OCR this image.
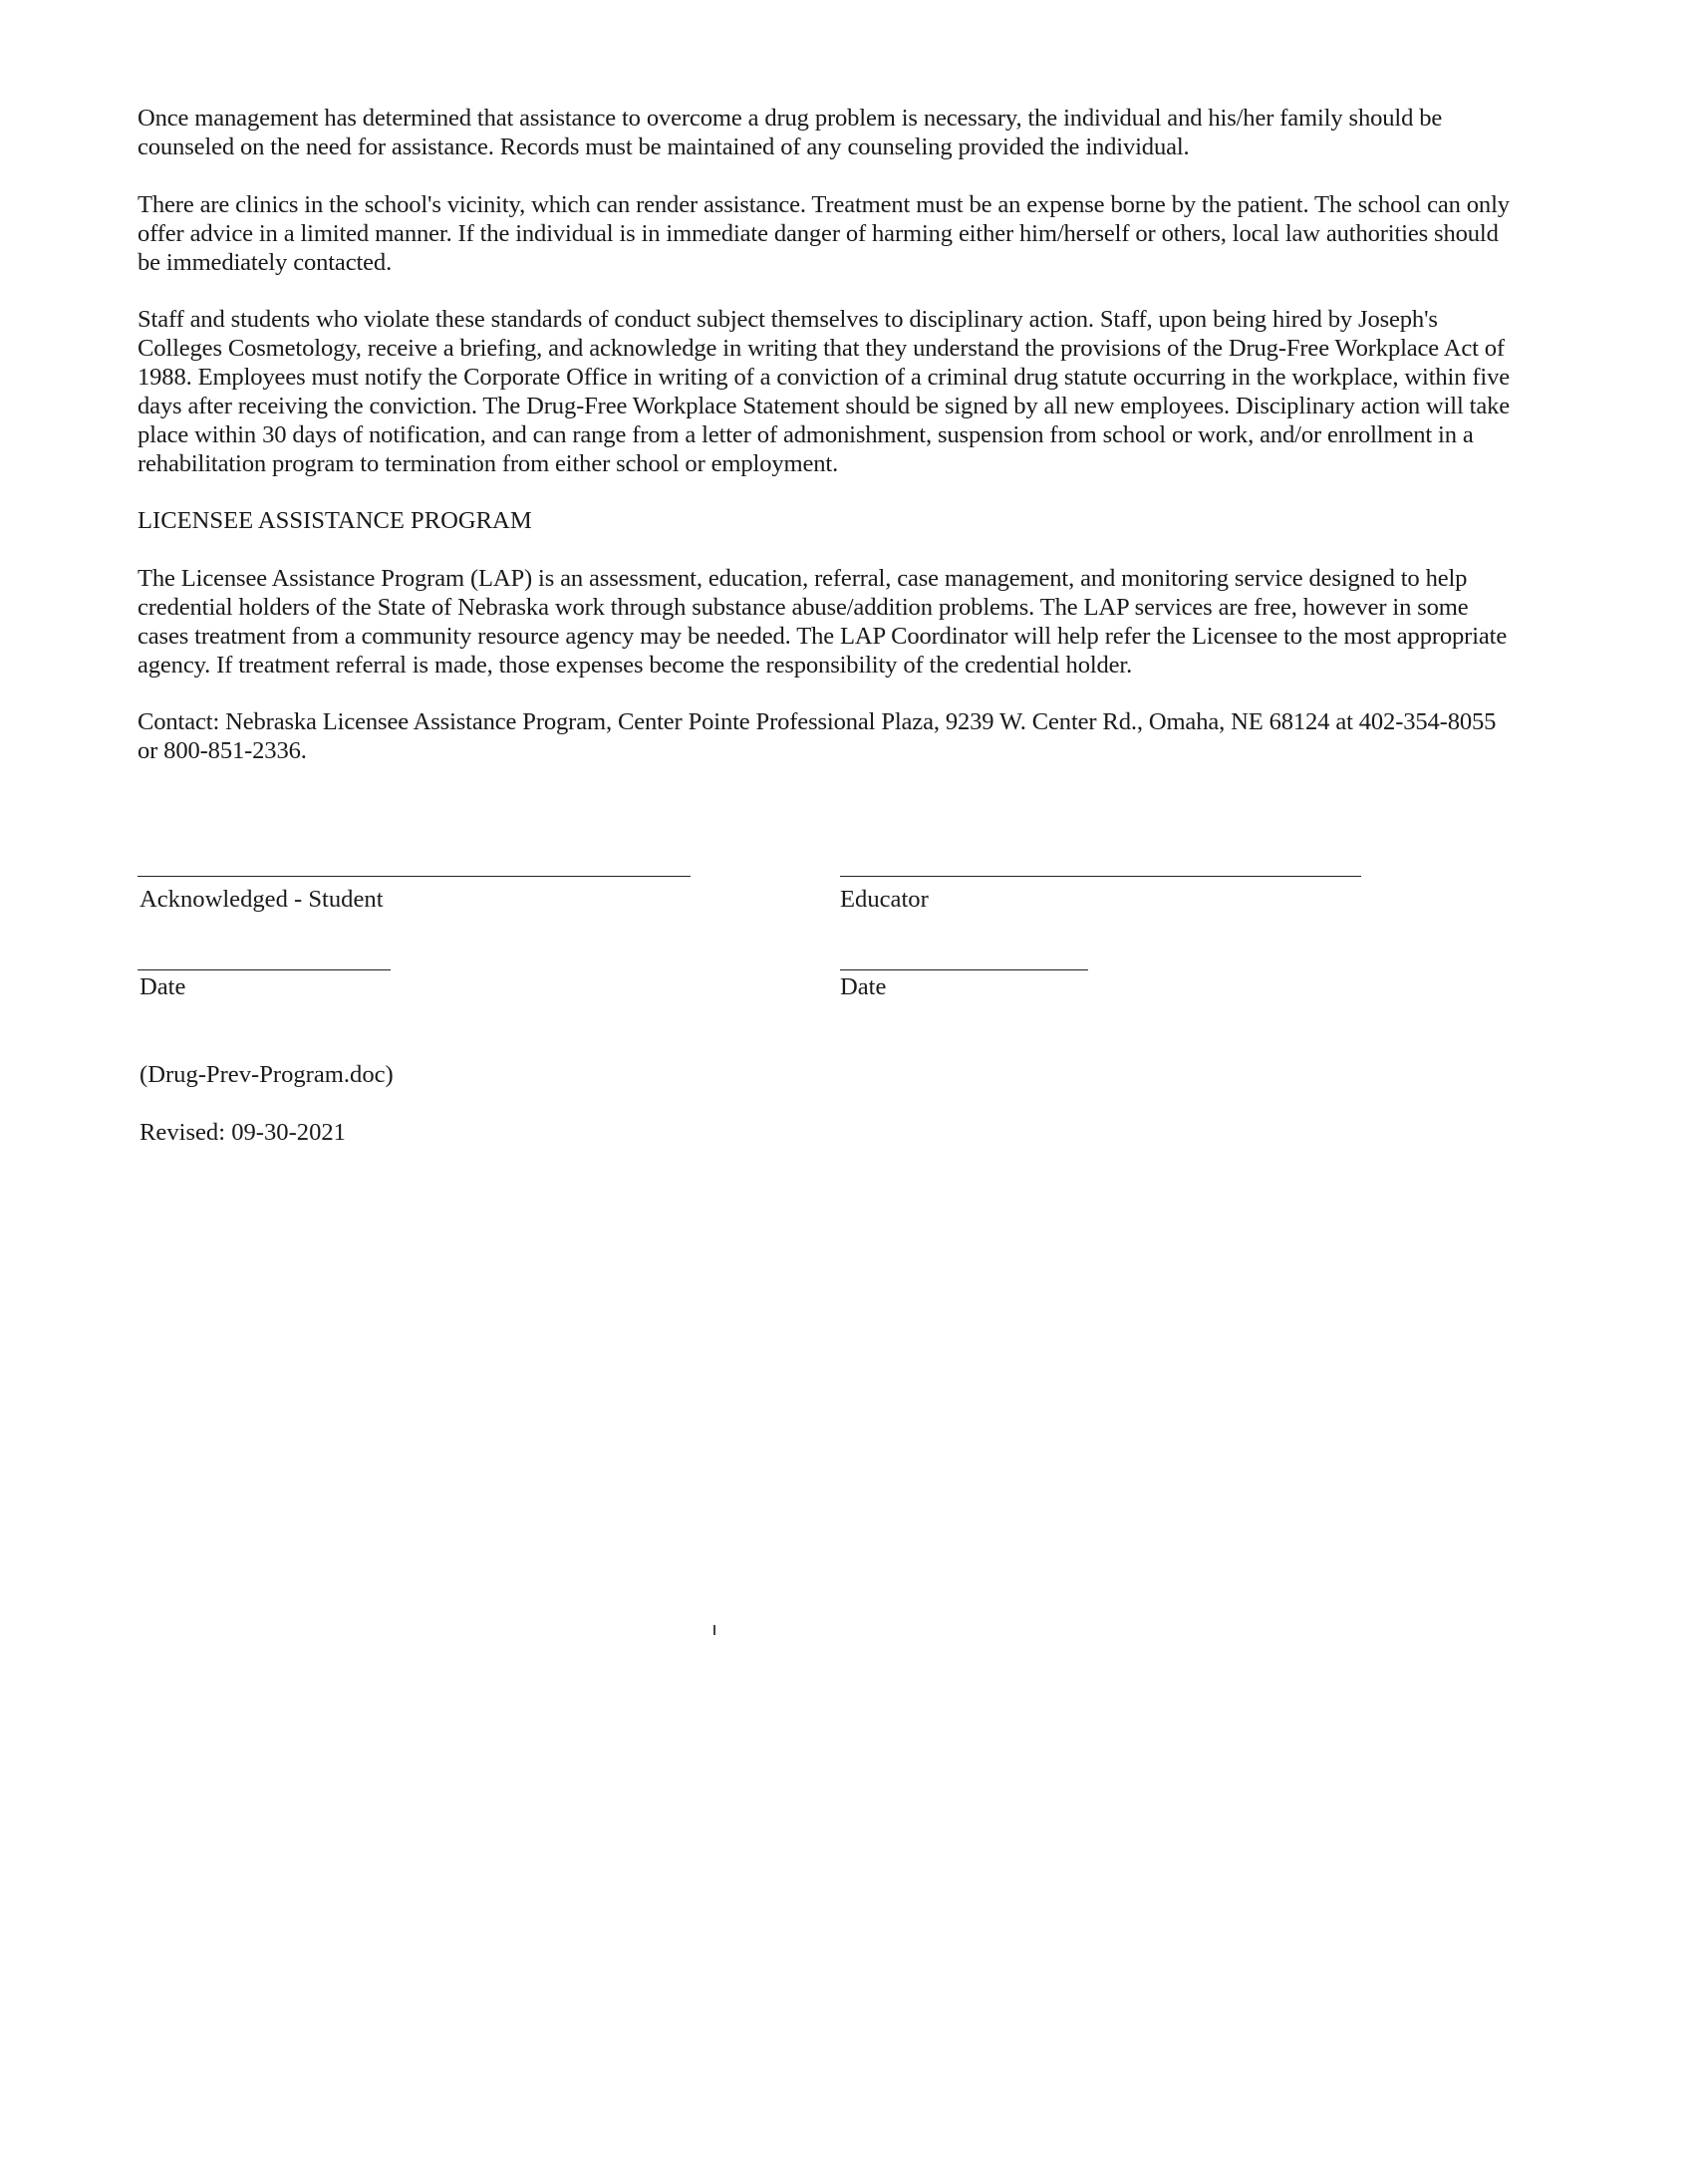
Once management has determined that assistance to overcome a drug problem is necessary, the individual and his/her family should be counseled on the need for assistance. Records must be maintained of any counseling provided the individual.

There are clinics in the school's vicinity, which can render assistance. Treatment must be an expense borne by the patient. The school can only offer advice in a limited manner. If the individual is in immediate danger of harming either him/herself or others, local law authorities should be immediately contacted.

Staff and students who violate these standards of conduct subject themselves to disciplinary action. Staff, upon being hired by Joseph's Colleges Cosmetology, receive a briefing, and acknowledge in writing that they understand the provisions of the Drug-Free Workplace Act of 1988. Employees must notify the Corporate Office in writing of a conviction of a criminal drug statute occurring in the workplace, within five days after receiving the conviction. The Drug-Free Workplace Statement should be signed by all new employees. Disciplinary action will take place within 30 days of notification, and can range from a letter of admonishment, suspension from school or work, and/or enrollment in a rehabilitation program to termination from either school or employment.

LICENSEE ASSISTANCE PROGRAM

The Licensee Assistance Program (LAP) is an assessment, education, referral, case management, and monitoring service designed to help credential holders of the State of Nebraska work through substance abuse/addition problems. The LAP services are free, however in some cases treatment from a community resource agency may be needed. The LAP Coordinator will help refer the Licensee to the most appropriate agency. If treatment referral is made, those expenses become the responsibility of the credential holder.

Contact: Nebraska Licensee Assistance Program, Center Pointe Professional Plaza, 9239 W. Center Rd., Omaha, NE 68124 at 402-354-8055 or 800-851-2336.

Acknowledged - Student	Educator

Date	Date

(Drug-Prev-Program.doc)

Revised: 09-30-2021
